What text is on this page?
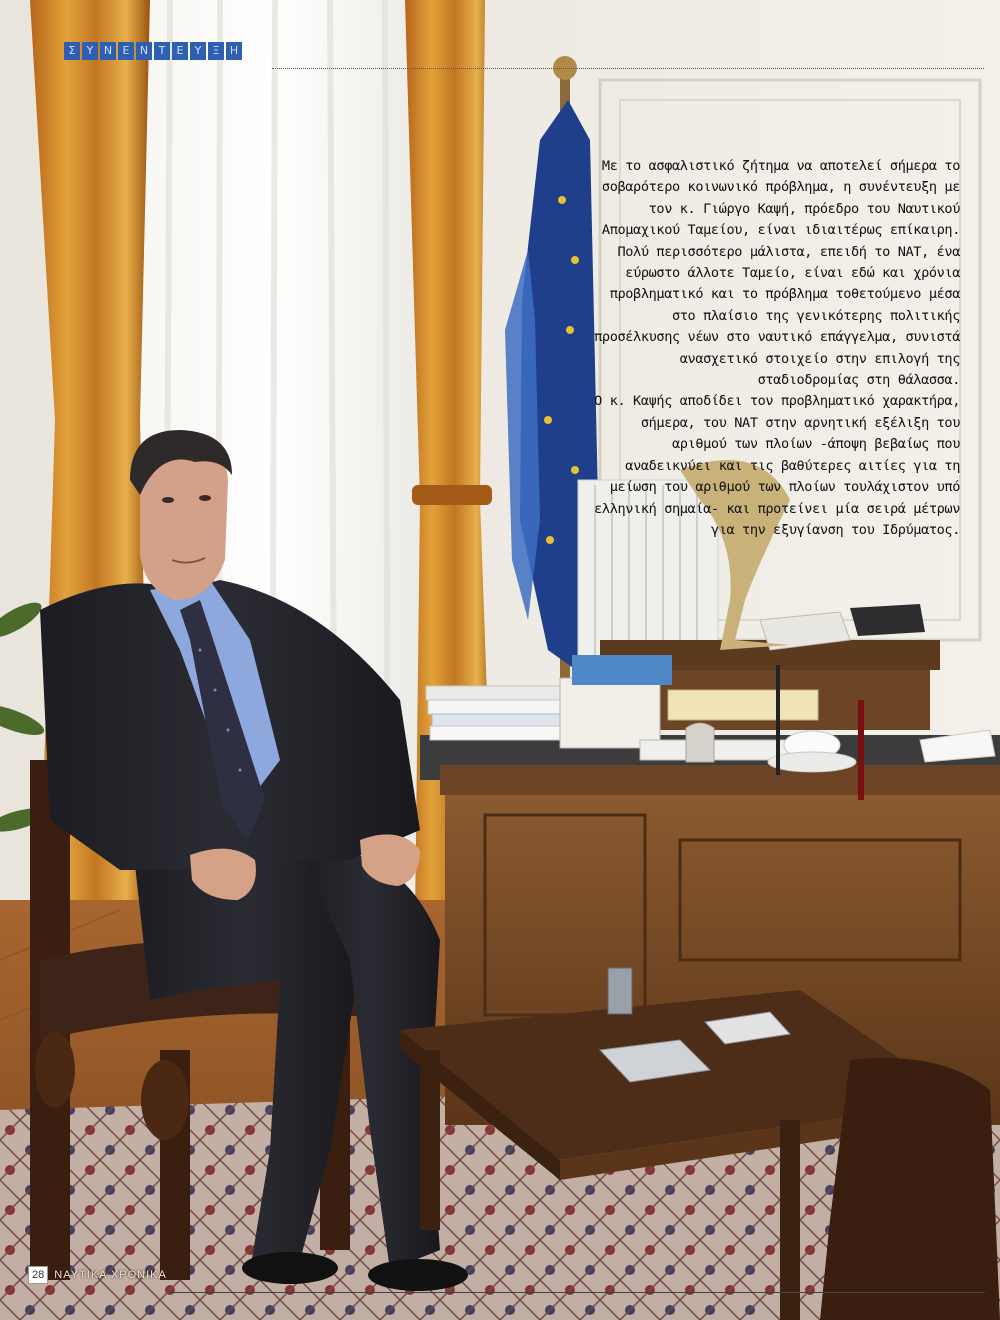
Σ	Υ Ν Ε Ν Τ	Ε	Υ	Ξ Η

Με το ασφαλιστικό ζήτημα να αποτελεί σήμερα το σοβαρότερο κοινωνικό πρόβλημα, η συνέντευξη με τον κ. Γιώργο Καψή, πρόεδρο του Ναυτικού Απομαχικού Ταμείου, είναι ιδιαιτέρως επίκαιρη.

Πολύ περισσότερο μάλιστα, επειδή το ΝΑΤ, ένα εύρωστο άλλοτε Ταμείο, είναι εδώ και χρόνια προβληματικό και το πρόβλημα τοθετούμενο μέσα στο πλαίσιο της γενικότερης πολιτικής προσέλκυσης νέων στο ναυτικό επάγγελμα, συνιστά ανασχετικό στοιχείο στην επιλογή της σταδιοδρομίας στη θάλασσα.

Ο κ. Καψής αποδίδει τον προβληματικό χαρακτήρα, σήμερα, του ΝΑΤ στην αρνητική εξέλιξη του αριθμού των πλοίων -άποψη βεβαίως που αναδεικνύει και τις βαθύτερες αιτίες για τη μείωση του αριθμού των πλοίων τουλάχιστον υπό ελληνική σημαία- και προτείνει μία σειρά μέτρων για την εξυγίανση του Ιδρύματος.

28 ΝΑΥΤΙΚΑ ΧΡΟΝΙΚΑ
